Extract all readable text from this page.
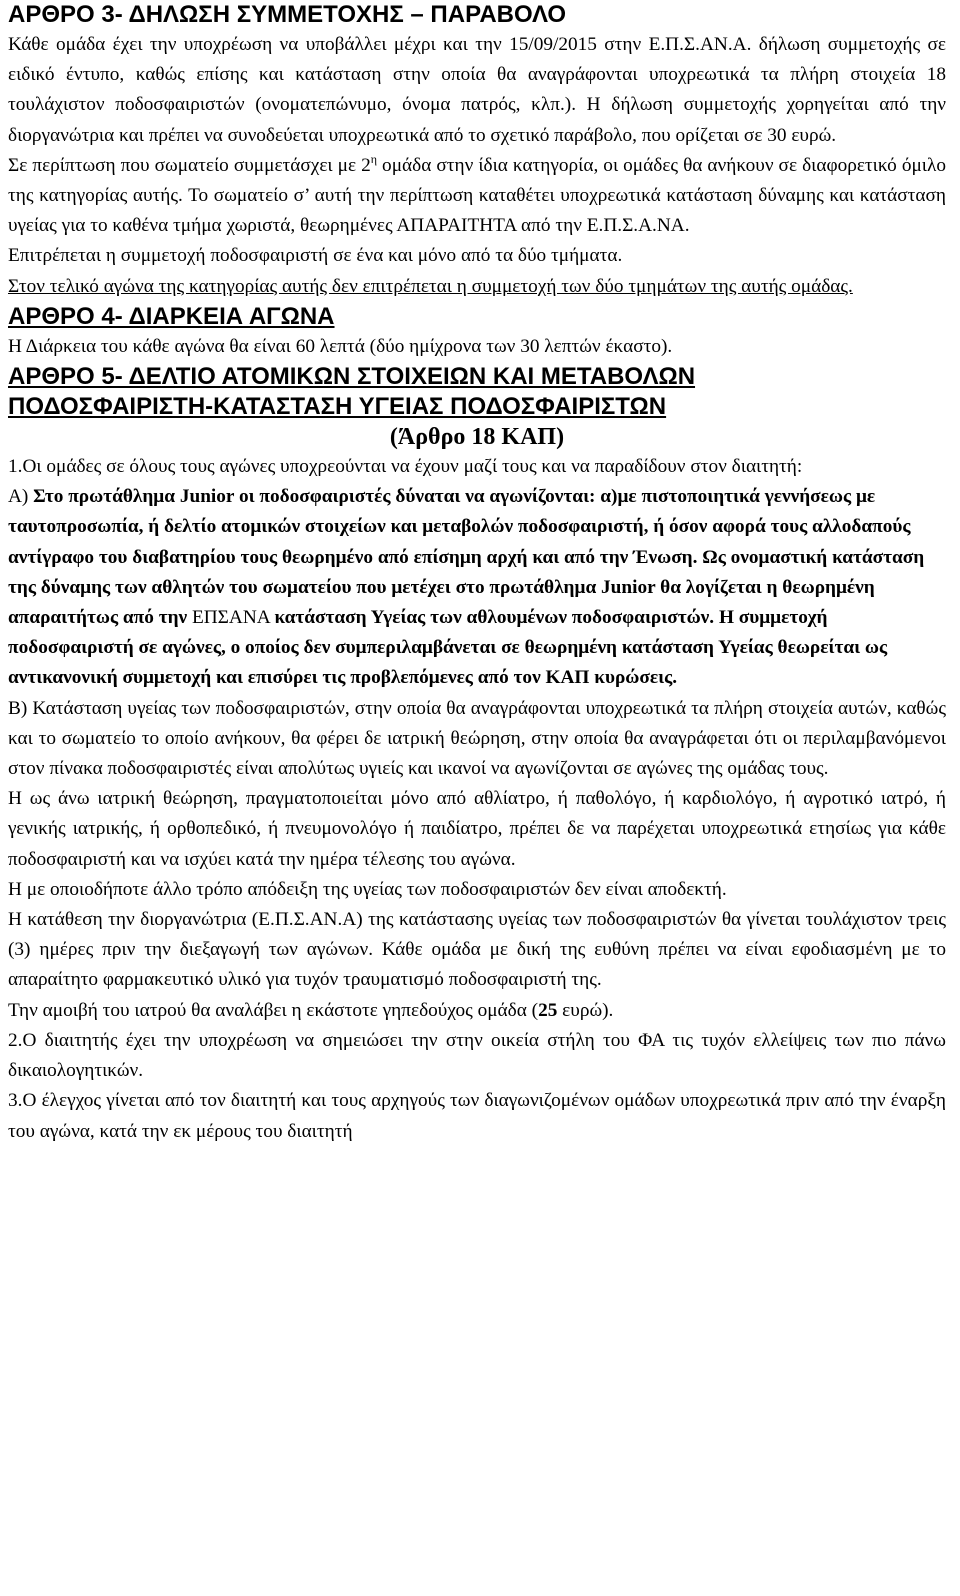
ΑΡΘΡΟ 3- ΔΗΛΩΣΗ ΣΥΜΜΕΤΟΧΗΣ – ΠΑΡΑΒΟΛΟ

Κάθε ομάδα έχει την υποχρέωση να υποβάλλει μέχρι και την 15/09/2015 στην Ε.Π.Σ.ΑΝ.Α. δήλωση συμμετοχής σε ειδικό έντυπο, καθώς επίσης και κατάσταση στην οποία θα αναγράφονται υποχρεωτικά τα πλήρη στοιχεία 18 τουλάχιστον ποδοσφαιριστών (ονοματεπώνυμο, όνομα πατρός, κλπ.). Η δήλωση συμμετοχής χορηγείται από την διοργανώτρια και πρέπει να συνοδεύεται υποχρεωτικά από το σχετικό παράβολο, που ορίζεται σε 30 ευρώ.

Σε περίπτωση που σωματείο συμμετάσχει με $2^\eta$ ομάδα στην ίδια κατηγορία, οι ομάδες θα ανήκουν σε διαφορετικό όμιλο της κατηγορίας αυτής. Το σωματείο σ’ αυτή την περίπτωση καταθέτει υποχρεωτικά κατάσταση δύναμης και κατάσταση υγείας για το καθένα τμήμα χωριστά, θεωρημένες ΑΠΑΡΑΙΤΗΤΑ από την Ε.Π.Σ.Α.ΝΑ.

Επιτρέπεται η συμμετοχή ποδοσφαιριστή σε ένα και μόνο από τα δύο τμήματα.

Στον τελικό αγώνα της κατηγορίας αυτής δεν επιτρέπεται η συμμετοχή των δύο τμημάτων της αυτής ομάδας.

ΑΡΘΡΟ 4- ΔΙΑΡΚΕΙΑ ΑΓΩΝΑ

Η Διάρκεια του κάθε αγώνα θα είναι 60 λεπτά (δύο ημίχρονα των 30 λεπτών έκαστο).

ΑΡΘΡΟ 5- ΔΕΛΤΙΟ ΑΤΟΜΙΚΩΝ ΣΤΟΙΧΕΙΩΝ ΚΑΙ ΜΕΤΑΒΟΛΩΝ
ΠΟΔΟΣΦΑΙΡΙΣΤΗ-ΚΑΤΑΣΤΑΣΗ ΥΓΕΙΑΣ ΠΟΔΟΣΦΑΙΡΙΣΤΩΝ
(Άρθρο 18 ΚΑΠ)

1.Οι ομάδες σε όλους τους αγώνες υποχρεούνται να έχουν μαζί τους και να παραδίδουν στον διαιτητή:

Α) Στο πρωτάθλημα Junior οι ποδοσφαιριστές δύναται να αγωνίζονται: α)με πιστοποιητικά γεννήσεως με ταυτοπροσωπία, ή δελτίο ατομικών στοιχείων και μεταβολών ποδοσφαιριστή, ή όσον αφορά τους αλλοδαπούς αντίγραφο του διαβατηρίου τους θεωρημένο από επίσημη αρχή και από την Ένωση. Ως ονομαστική κατάσταση της δύναμης των αθλητών του σωματείου που μετέχει στο πρωτάθλημα Junior θα λογίζεται η θεωρημένη απαραιτήτως από την ΕΠΣΑΝΑ κατάσταση Υγείας των αθλουμένων ποδοσφαιριστών. Η συμμετοχή ποδοσφαιριστή σε αγώνες, ο οποίος δεν συμπεριλαμβάνεται σε θεωρημένη κατάσταση Υγείας θεωρείται ως αντικανονική συμμετοχή και επισύρει τις προβλεπόμενες από τον ΚΑΠ κυρώσεις.

Β) Κατάσταση υγείας των ποδοσφαιριστών, στην οποία θα αναγράφονται υποχρεωτικά τα πλήρη στοιχεία αυτών, καθώς και το σωματείο το οποίο ανήκουν, θα φέρει δε ιατρική θεώρηση, στην οποία θα αναγράφεται ότι οι περιλαμβανόμενοι στον πίνακα ποδοσφαιριστές είναι απολύτως υγιείς και ικανοί να αγωνίζονται σε αγώνες της ομάδας τους.

Η ως άνω ιατρική θεώρηση, πραγματοποιείται μόνο από αθλίατρο, ή παθολόγο, ή καρδιολόγο, ή αγροτικό ιατρό, ή γενικής ιατρικής, ή ορθοπεδικό, ή πνευμονολόγο ή παιδίατρο, πρέπει δε να παρέχεται υποχρεωτικά ετησίως για κάθε ποδοσφαιριστή και να ισχύει κατά την ημέρα τέλεσης του αγώνα.

Η με οποιοδήποτε άλλο τρόπο απόδειξη της υγείας των ποδοσφαιριστών δεν είναι αποδεκτή.

Η κατάθεση την διοργανώτρια (Ε.Π.Σ.ΑΝ.Α) της κατάστασης υγείας των ποδοσφαιριστών θα γίνεται τουλάχιστον τρεις (3) ημέρες πριν την διεξαγωγή των αγώνων. Κάθε ομάδα με δική της ευθύνη πρέπει να είναι εφοδιασμένη με το απαραίτητο φαρμακευτικό υλικό για τυχόν τραυματισμό ποδοσφαιριστή της.

Την αμοιβή του ιατρού θα αναλάβει η εκάστοτε γηπεδούχος ομάδα (25 ευρώ).

2.Ο διαιτητής έχει την υποχρέωση να σημειώσει την στην οικεία στήλη του ΦΑ τις τυχόν ελλείψεις των πιο πάνω δικαιολογητικών.

3.Ο έλεγχος γίνεται από τον διαιτητή και τους αρχηγούς των διαγωνιζομένων ομάδων υποχρεωτικά πριν από την έναρξη του αγώνα, κατά την εκ μέρους του διαιτητή
